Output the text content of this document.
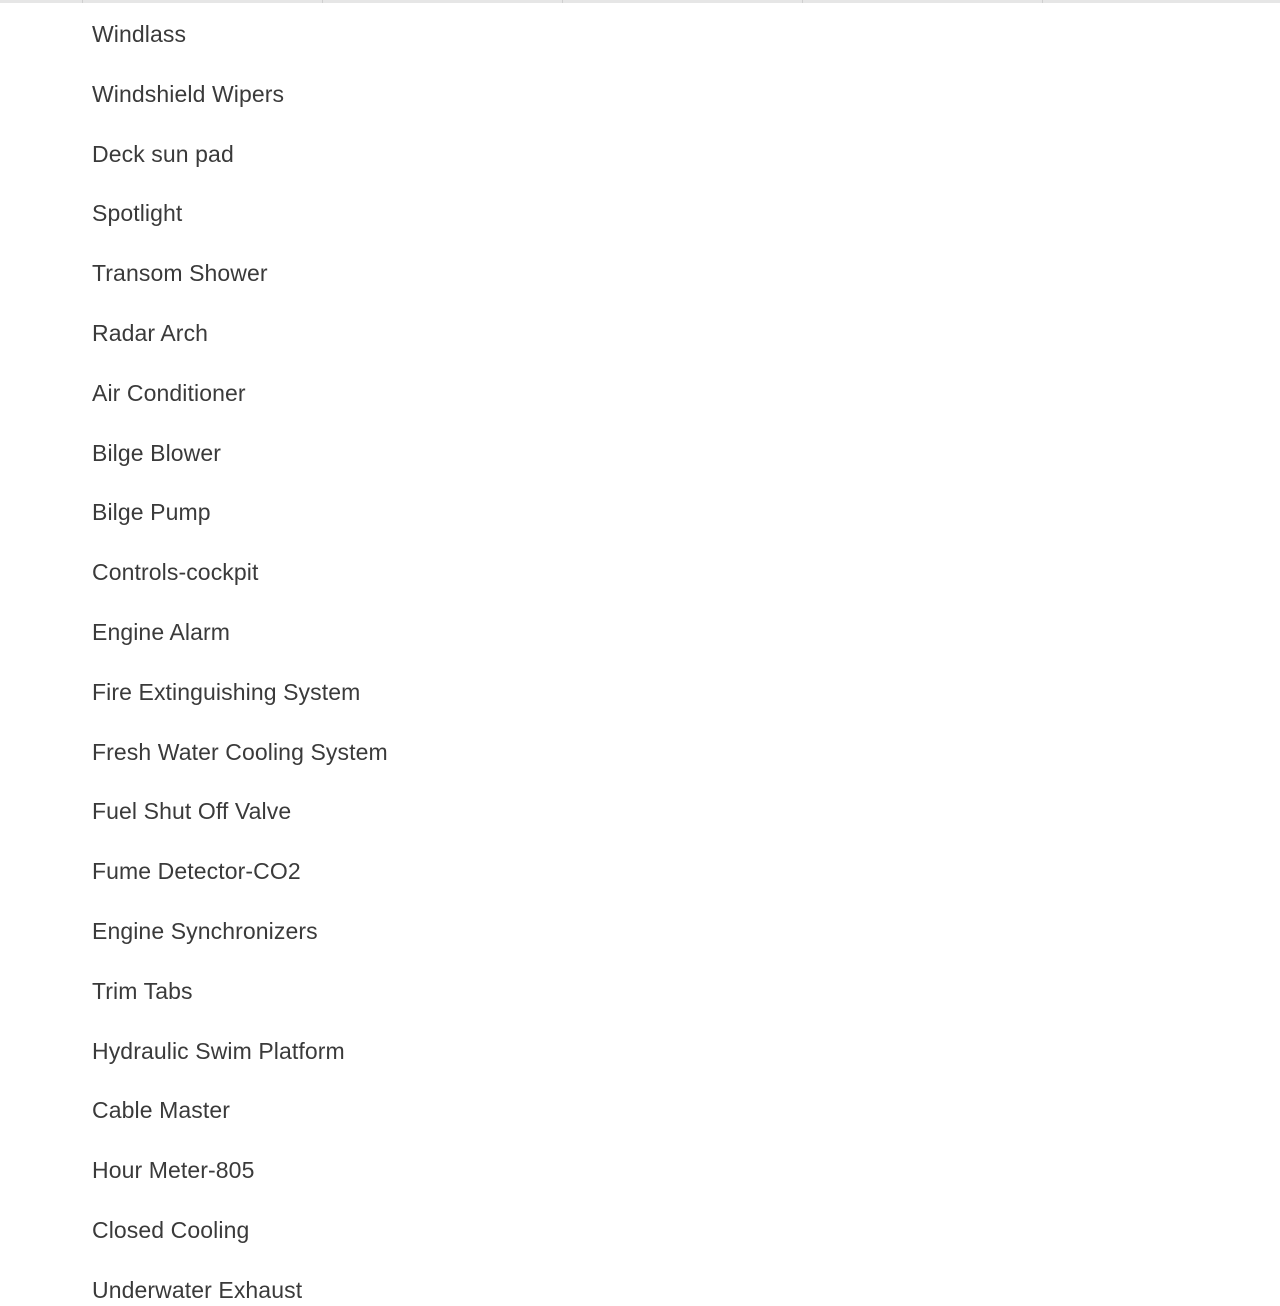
Windlass
Windshield Wipers
Deck sun pad
Spotlight
Transom Shower
Radar Arch
Air Conditioner
Bilge Blower
Bilge Pump
Controls-cockpit
Engine Alarm
Fire Extinguishing System
Fresh Water Cooling System
Fuel Shut Off Valve
Fume Detector-CO2
Engine Synchronizers
Trim Tabs
Hydraulic Swim Platform
Cable Master
Hour Meter-805
Closed Cooling
Underwater Exhaust
